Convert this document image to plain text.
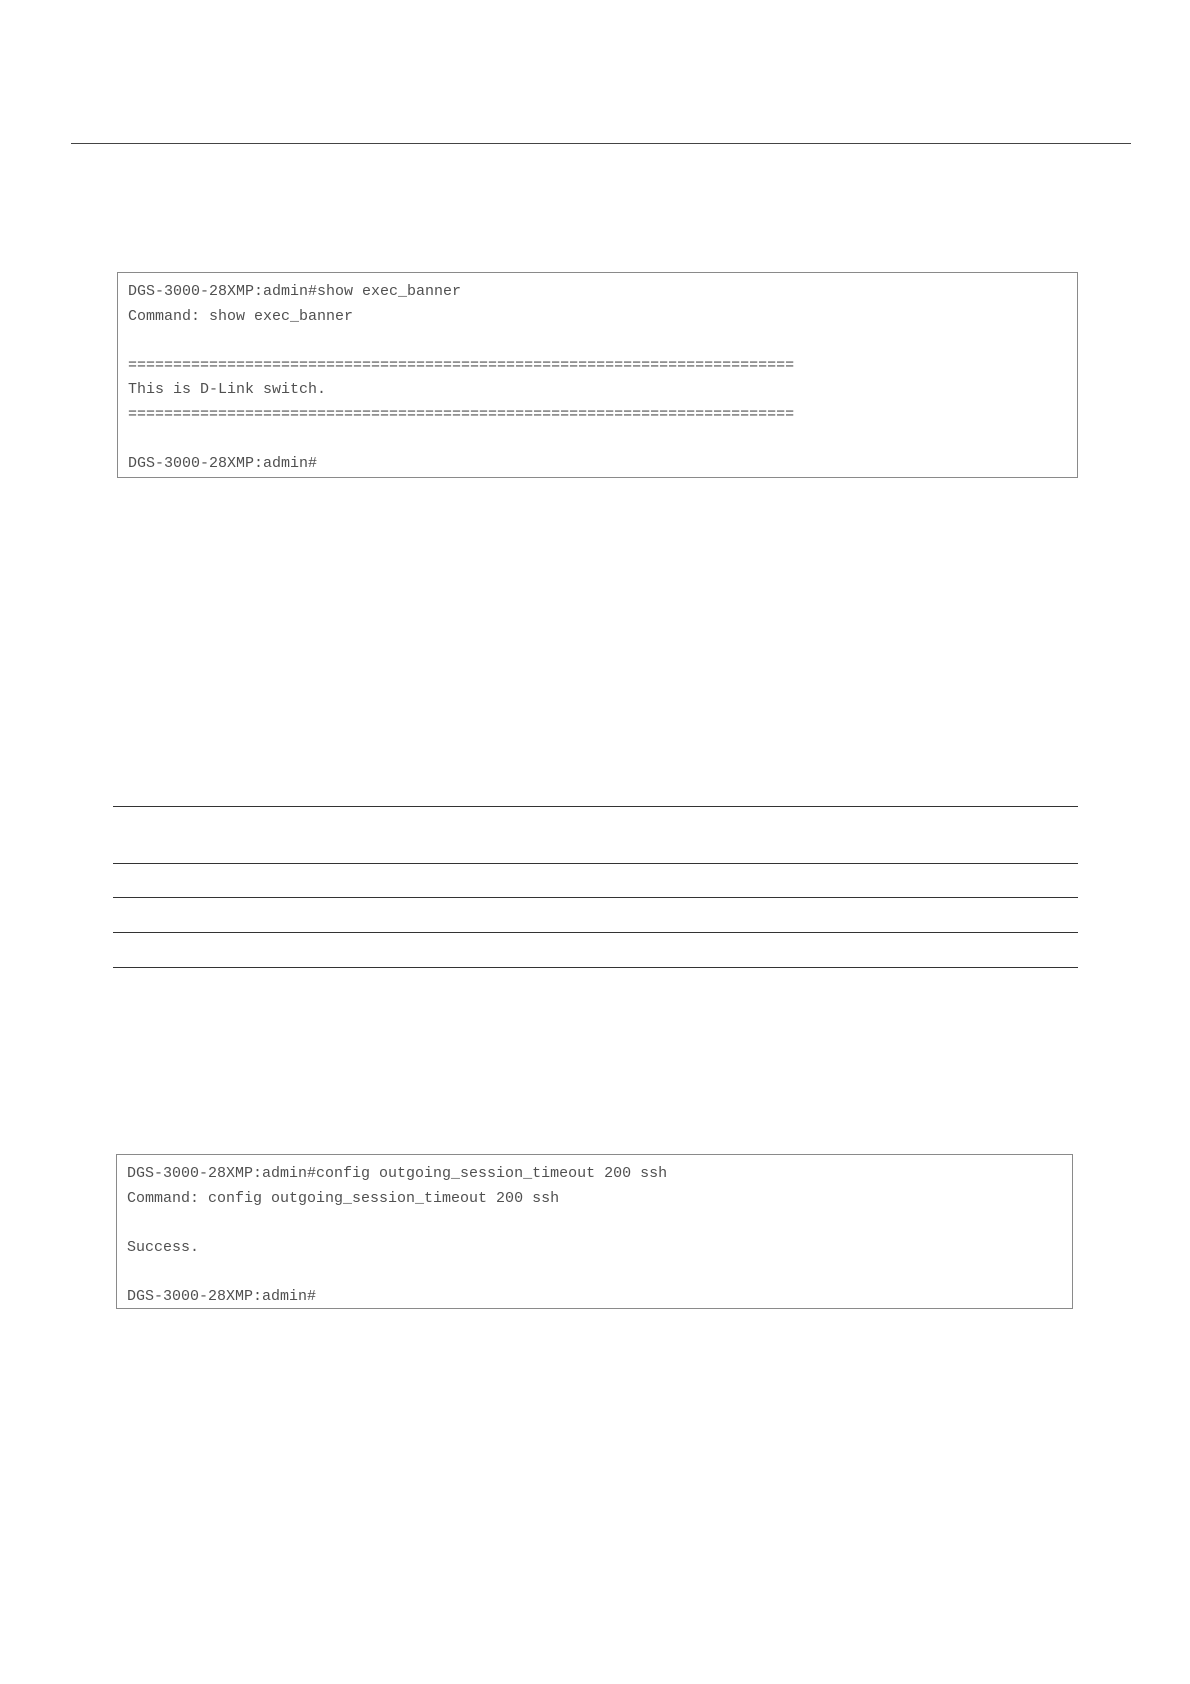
DGS-3000-28XMP:admin#show exec_banner
Command: show exec_banner
==========================================================================
This is D-Link switch.
==========================================================================
DGS-3000-28XMP:admin#
DGS-3000-28XMP:admin#config outgoing_session_timeout 200 ssh
Command: config outgoing_session_timeout 200 ssh
Success.
DGS-3000-28XMP:admin#
